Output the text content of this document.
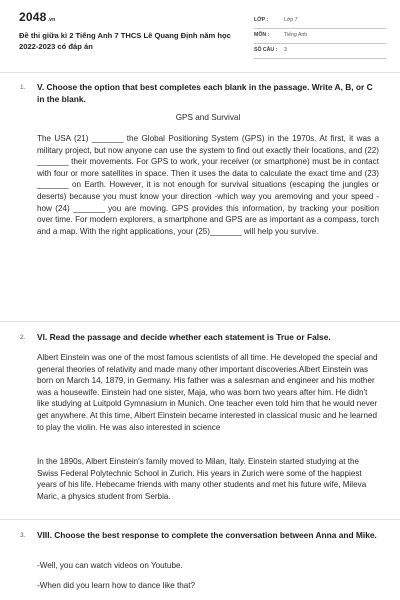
2048.vn
Đề thi giữa kì 2 Tiếng Anh 7 THCS Lê Quang Định năm học 2022-2023 có đáp án
LỚP :	Lớp 7
MÔN :	Tiếng Anh
SỐ CÂU : 3
1. V. Choose the option that best completes each blank in the passage. Write A, B, or C in the blank.
GPS and Survival

The USA (21) _______ the Global Positioning System (GPS) in the 1970s. At first, it was a military project, but now anyone can use the system to find out exactly their locations, and (22) _______ their movements. For GPS to work, your receiver (or smartphone) must be in contact with four or more satellites in space. Then it uses the data to calculate the exact time and (23) _______ on Earth. However, it is not enough for survival situations (escaping the jungles or deserts) because you must know your direction -which way you aremoving and your speed - how (24) _______ you are moving. GPS provides this information, by tracking your position over time. For modern explorers, a smartphone and GPS are as important as a compass, torch and a map. With the right applications, your (25)_______ will help you survive.

2. VI. Read the passage and decide whether each statement is True or False.

Albert Einstein was one of the most famous scientists of all time. He developed the special and general theories of relativity and made many other important discoveries.Albert Einstein was born on March 14, 1879, in Germany. His father was a salesman and engineer and his mother was a housewife. Einstein had one sister, Maja, who was born two years after him. He didn't like studying at Luitpold Gymnasium in Munich. One teacher even told him that he would never get anywhere. At this time, Albert Einstein became interested in classical music and he learned to play the violin. He was also interested in science

In the 1890s, Albert Einstein's family moved to Milan, Italy. Einstein started studying at the Swiss Federal Polytechnic School in Zurich. His years in Zurich were some of the happiest years of his life. Hebecame friends with many other students and met his future wife, Mileva Maric, a physics student from Serbia.

3. VIII. Choose the best response to complete the conversation between Anna and Mike.
-Well, you can watch videos on Youtube.
-When did you learn how to dance like that?
